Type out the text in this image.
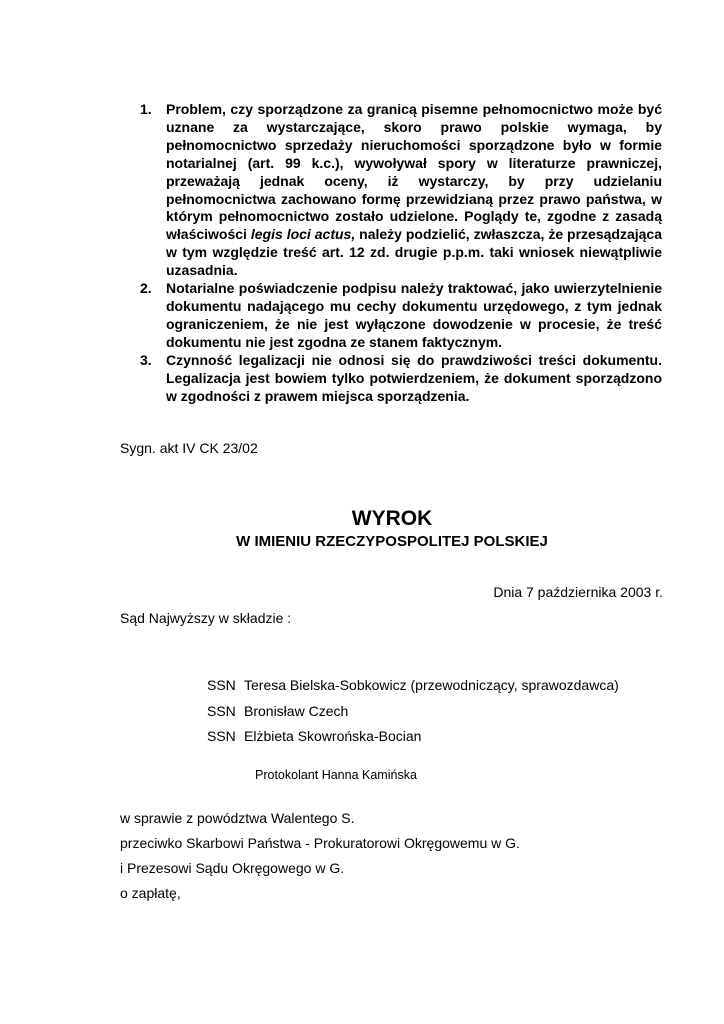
1.	Problem, czy sporządzone za granicą pisemne pełnomocnictwo może być uznane za wystarczające, skoro prawo polskie wymaga, by pełnomocnictwo sprzedaży nieruchomości sporządzone było w formie notarialnej (art. 99 k.c.), wywoływał spory w literaturze prawniczej, przeważają jednak oceny, iż wystarczy, by przy udzielaniu pełnomocnictwa zachowano formę przewidzianą przez prawo państwa, w którym pełnomocnictwo zostało udzielone. Poglądy te, zgodne z zasadą właściwości legis loci actus, należy podzielić, zwłaszcza, że przesądzająca w tym względzie treść art. 12 zd. drugie p.p.m. taki wniosek niewątpliwie uzasadnia.
2.	Notarialne poświadczenie podpisu należy traktować, jako uwierzytelnienie dokumentu nadającego mu cechy dokumentu urzędowego, z tym jednak ograniczeniem, że nie jest wyłączone dowodzenie w procesie, że treść dokumentu nie jest zgodna ze stanem faktycznym.
3.	Czynność legalizacji nie odnosi się do prawdziwości treści dokumentu. Legalizacja jest bowiem tylko potwierdzeniem, że dokument sporządzono w zgodności z prawem miejsca sporządzenia.
Sygn. akt IV CK 23/02
WYROK
W IMIENIU RZECZYPOSPOLITEJ POLSKIEJ
Dnia 7 października 2003 r.
Sąd Najwyższy w składzie :
SSN Teresa Bielska-Sobkowicz (przewodniczący, sprawozdawca)
SSN Bronisław Czech
SSN Elżbieta Skowrońska-Bocian
Protokolant Hanna Kamińska
w sprawie z powództwa Walentego S.
przeciwko Skarbowi Państwa - Prokuratorowi Okręgowemu w G.
i Prezesowi Sądu Okręgowego w G.
o zapłatę,
